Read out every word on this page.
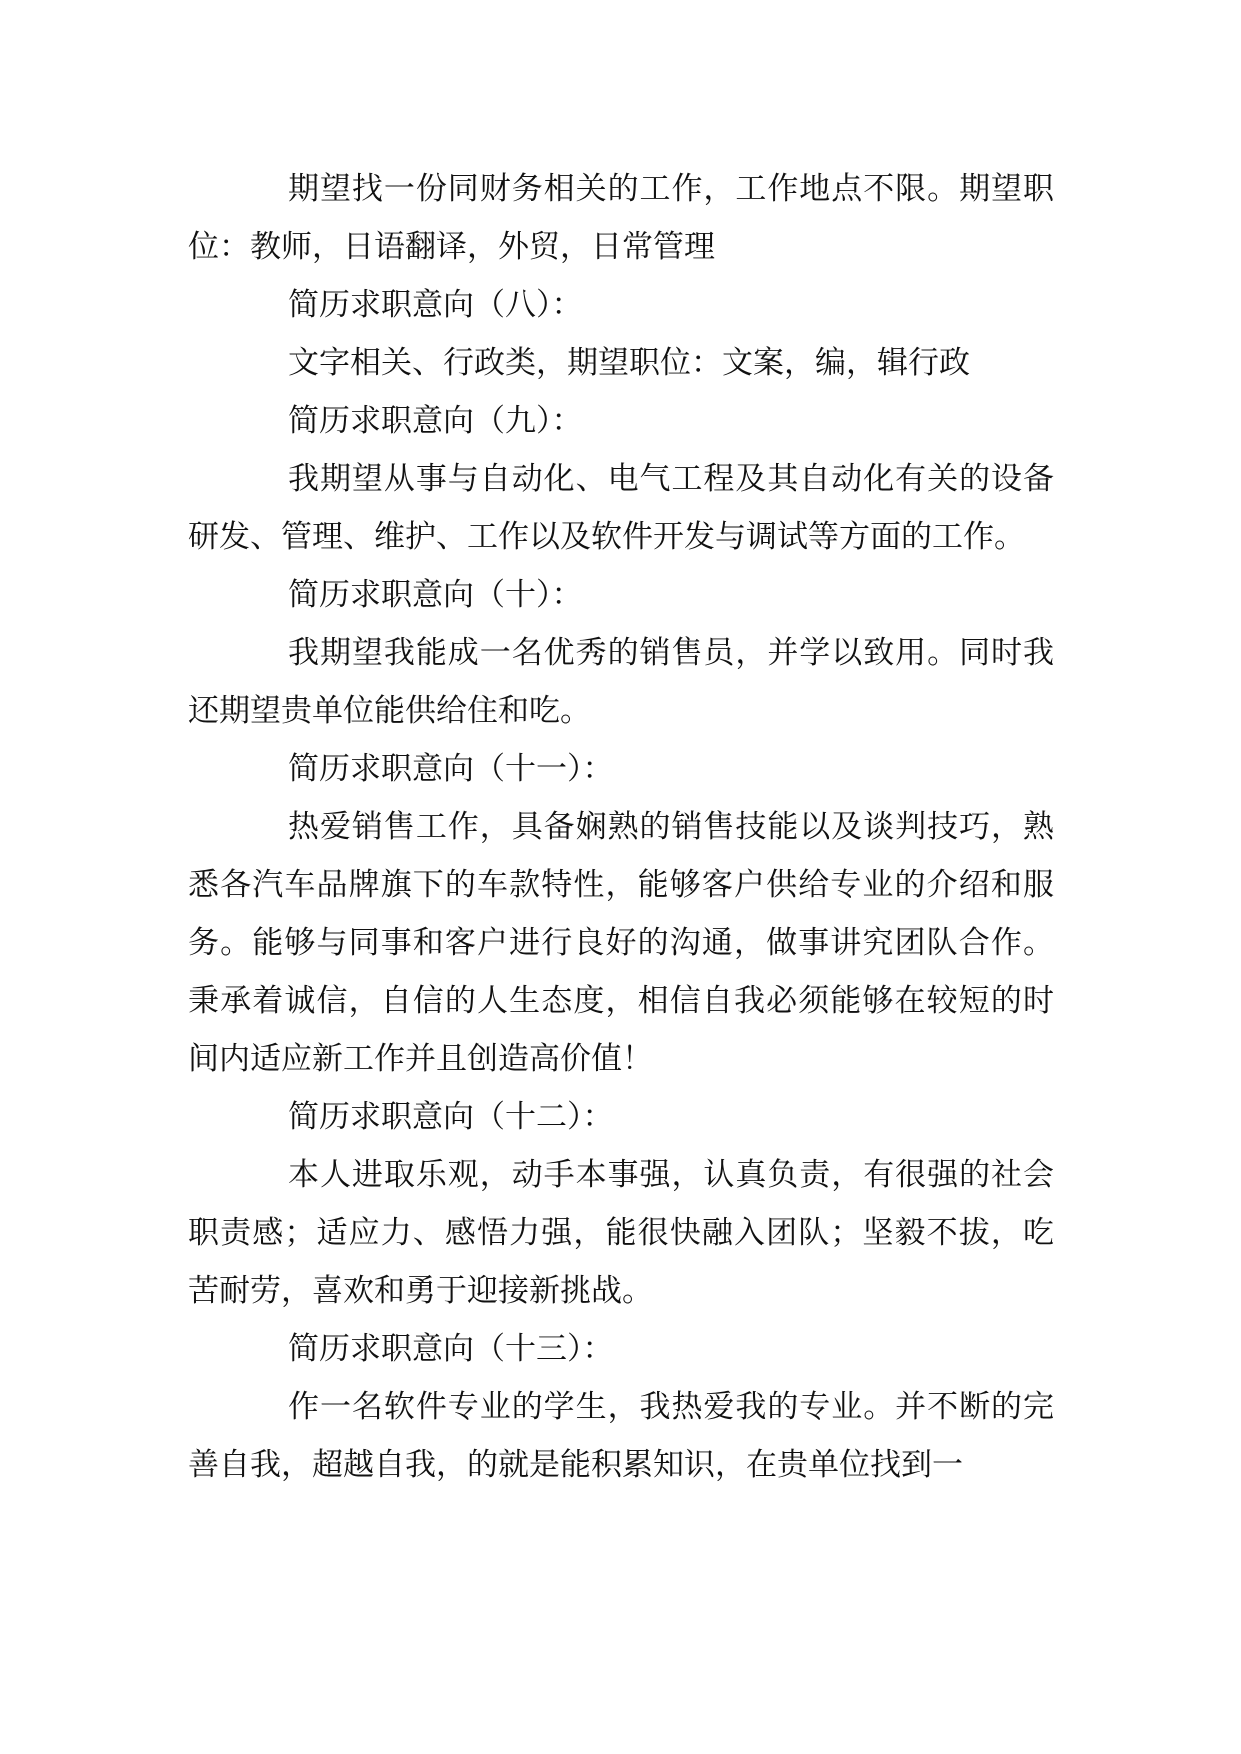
期望找一份同财务相关的工作，工作地点不限。期望职位：教师，日语翻译，外贸，日常管理

简历求职意向（八）：

文字相关、行政类，期望职位：文案，编，辑行政

简历求职意向（九）：

我期望从事与自动化、电气工程及其自动化有关的设备研发、管理、维护、工作以及软件开发与调试等方面的工作。

简历求职意向（十）：

我期望我能成一名优秀的销售员，并学以致用。同时我还期望贵单位能供给住和吃。

简历求职意向（十一）：

热爱销售工作，具备娴熟的销售技能以及谈判技巧，熟悉各汽车品牌旗下的车款特性，能够客户供给专业的介绍和服务。能够与同事和客户进行良好的沟通，做事讲究团队合作。秉承着诚信，自信的人生态度，相信自我必须能够在较短的时间内适应新工作并且创造高价值！

简历求职意向（十二）：

本人进取乐观，动手本事强，认真负责，有很强的社会职责感；适应力、感悟力强，能很快融入团队；坚毅不拔，吃苦耐劳，喜欢和勇于迎接新挑战。

简历求职意向（十三）：

作一名软件专业的学生，我热爱我的专业。并不断的完善自我，超越自我，的就是能积累知识，在贵单位找到一
